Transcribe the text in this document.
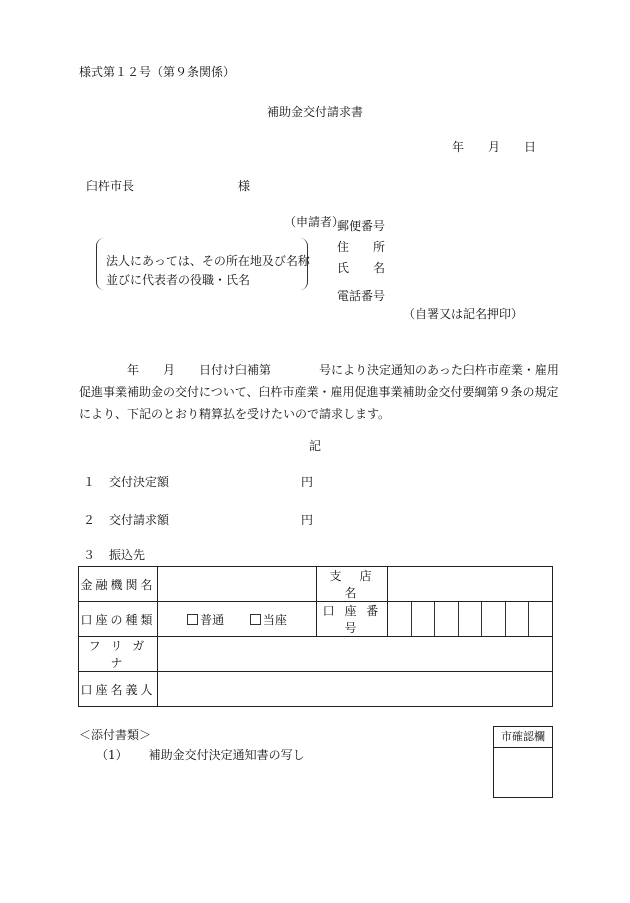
様式第１２号（第９条関係）
補助金交付請求書
年 月 日
臼杵市長	様
（申請者）
郵便番号
住　　所
氏　　名
法人にあっては、その所在地及び名称
並びに代表者の役職・氏名
電話番号
（自署又は記名押印）
　　　　年　　月　　日付け臼補第　　　　号により決定通知のあった臼杵市産業・雇用
促進事業補助金の交付について、臼杵市産業・雇用促進事業補助金交付要綱第９条の規定
により、下記のとおり精算払を受けたいので請求します。
記
１ 交付決定額	円
２ 交付請求額	円
３ 振込先
金融機関名		支　店　名	
口座の種類	普通 当座	口 座 番 号	

フ リ ガ ナ			
口座名義人			
＜添付書類＞
（1） 補助金交付決定通知書の写し
市確認欄
